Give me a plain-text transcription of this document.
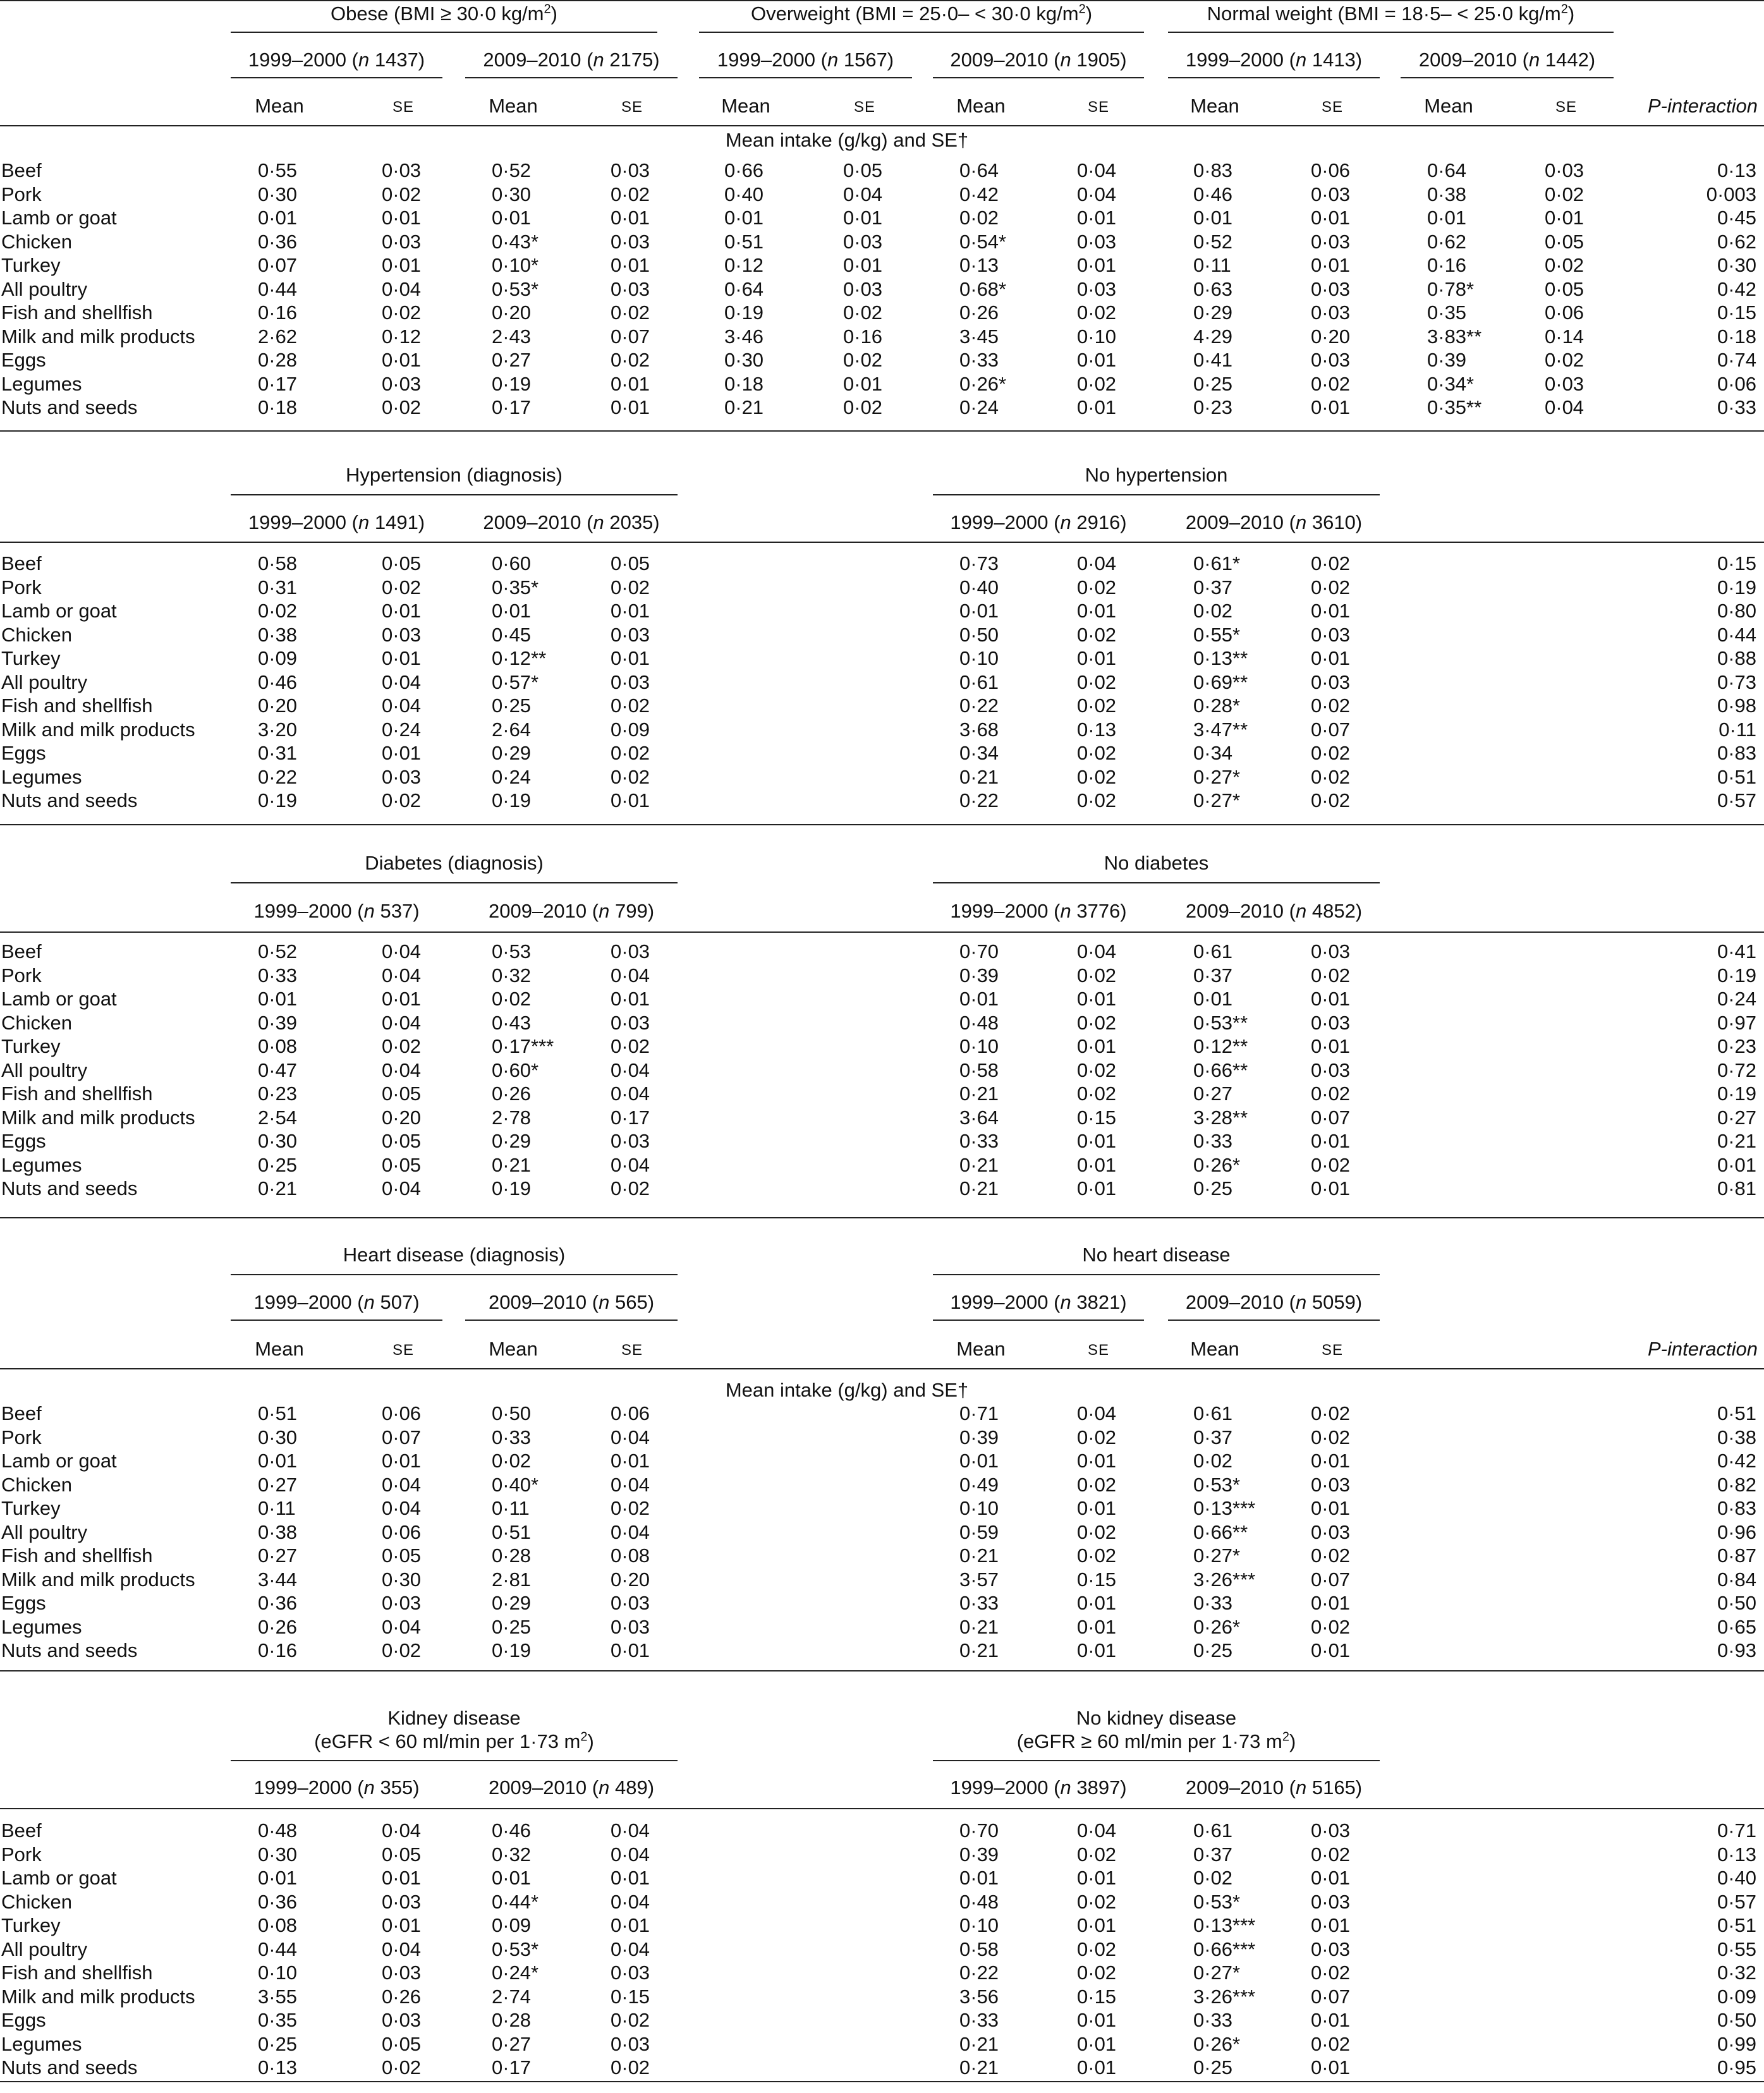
Obese (BMI ≥ 30·0 $kg/m^2$)
1999–2000 (n 1437)	2009–2010 (n 2175)
Overweight (BMI = 25·0– < 30·0 $kg/m^2$)
1999–2000 (n 1567)	2009–2010 (n 1905)
Normal weight (BMI = 18·5– < 25·0 $kg/m^2$)
1999–2000 (n 1413)	2009–2010 (n 1442)
Mean	SE	Mean	SE	Mean	SE	Mean	SE	Mean	SE	Mean	SE	P-interaction
Mean intake (g/kg) and SE†
Beef	0·55	0·03	0·52	0·03	0·66	0·05	0·64	0·04	0·83	0·06	0·64	0·03	0·13
Pork	0·30	0·02	0·30	0·02	0·40	0·04	0·42	0·04	0·46	0·03	0·38	0·02	0·003
Lamb or goat	0·01	0·01	0·01	0·01	0·01	0·01	0·02	0·01	0·01	0·01	0·01	0·01	0·45
Chicken	0·36	0·03	0·43*	0·03	0·51	0·03	0·54*	0·03	0·52	0·03	0·62	0·05	0·62
Turkey	0·07	0·01	0·10*	0·01	0·12	0·01	0·13	0·01	0·11	0·01	0·16	0·02	0·30
All poultry	0·44	0·04	0·53*	0·03	0·64	0·03	0·68*	0·03	0·63	0·03	0·78*	0·05	0·42
Fish and shellfish	0·16	0·02	0·20	0·02	0·19	0·02	0·26	0·02	0·29	0·03	0·35	0·06	0·15
Milk and milk products	2·62	0·12	2·43	0·07	3·46	0·16	3·45	0·10	4·29	0·20	3·83**	0·14	0·18
Eggs	0·28	0·01	0·27	0·02	0·30	0·02	0·33	0·01	0·41	0·03	0·39	0·02	0·74
Legumes	0·17	0·03	0·19	0·01	0·18	0·01	0·26*	0·02	0·25	0·02	0·34*	0·03	0·06
Nuts and seeds	0·18	0·02	0·17	0·01	0·21	0·02	0·24	0·01	0·23	0·01	0·35**	0·04	0·33
Hypertension (diagnosis)
1999–2000 (n 1491)	2009–2010 (n 2035)
No hypertension
1999–2000 (n 2916)	2009–2010 (n 3610)
Beef	0·58	0·05	0·60	0·05	0·73	0·04	0·61*	0·02	0·15
Pork	0·31	0·02	0·35*	0·02	0·40	0·02	0·37	0·02	0·19
Lamb or goat	0·02	0·01	0·01	0·01	0·01	0·01	0·02	0·01	0·80
Chicken	0·38	0·03	0·45	0·03	0·50	0·02	0·55*	0·03	0·44
Turkey	0·09	0·01	0·12**	0·01	0·10	0·01	0·13**	0·01	0·88
All poultry	0·46	0·04	0·57*	0·03	0·61	0·02	0·69**	0·03	0·73
Fish and shellfish	0·20	0·04	0·25	0·02	0·22	0·02	0·28*	0·02	0·98
Milk and milk products	3·20	0·24	2·64	0·09	3·68	0·13	3·47**	0·07	0·11
Eggs	0·31	0·01	0·29	0·02	0·34	0·02	0·34	0·02	0·83
Legumes	0·22	0·03	0·24	0·02	0·21	0·02	0·27*	0·02	0·51
Nuts and seeds	0·19	0·02	0·19	0·01	0·22	0·02	0·27*	0·02	0·57
Diabetes (diagnosis)
1999–2000 (n 537)	2009–2010 (n 799)
No diabetes
1999–2000 (n 3776)	2009–2010 (n 4852)
Beef	0·52	0·04	0·53	0·03	0·70	0·04	0·61	0·03	0·41
Pork	0·33	0·04	0·32	0·04	0·39	0·02	0·37	0·02	0·19
Lamb or goat	0·01	0·01	0·02	0·01	0·01	0·01	0·01	0·01	0·24
Chicken	0·39	0·04	0·43	0·03	0·48	0·02	0·53**	0·03	0·97
Turkey	0·08	0·02	0·17***	0·02	0·10	0·01	0·12**	0·01	0·23
All poultry	0·47	0·04	0·60*	0·04	0·58	0·02	0·66**	0·03	0·72
Fish and shellfish	0·23	0·05	0·26	0·04	0·21	0·02	0·27	0·02	0·19
Milk and milk products	2·54	0·20	2·78	0·17	3·64	0·15	3·28**	0·07	0·27
Eggs	0·30	0·05	0·29	0·03	0·33	0·01	0·33	0·01	0·21
Legumes	0·25	0·05	0·21	0·04	0·21	0·01	0·26*	0·02	0·01
Nuts and seeds	0·21	0·04	0·19	0·02	0·21	0·01	0·25	0·01	0·81
Heart disease (diagnosis)
1999–2000 (n 507)	2009–2010 (n 565)
No heart disease
1999–2000 (n 3821)	2009–2010 (n 5059)
Mean	SE	Mean	SE	Mean	SE	Mean	SE	P-interaction
Mean intake (g/kg) and SE†
Beef	0·51	0·06	0·50	0·06	0·71	0·04	0·61	0·02	0·51
Pork	0·30	0·07	0·33	0·04	0·39	0·02	0·37	0·02	0·38
Lamb or goat	0·01	0·01	0·02	0·01	0·01	0·01	0·02	0·01	0·42
Chicken	0·27	0·04	0·40*	0·04	0·49	0·02	0·53*	0·03	0·82
Turkey	0·11	0·04	0·11	0·02	0·10	0·01	0·13***	0·01	0·83
All poultry	0·38	0·06	0·51	0·04	0·59	0·02	0·66**	0·03	0·96
Fish and shellfish	0·27	0·05	0·28	0·08	0·21	0·02	0·27*	0·02	0·87
Milk and milk products	3·44	0·30	2·81	0·20	3·57	0·15	3·26***	0·07	0·84
Eggs	0·36	0·03	0·29	0·03	0·33	0·01	0·33	0·01	0·50
Legumes	0·26	0·04	0·25	0·03	0·21	0·01	0·26*	0·02	0·65
Nuts and seeds	0·16	0·02	0·19	0·01	0·21	0·01	0·25	0·01	0·93
Kidney disease
(eGFR < 60 ml/min per 1·73 $m^2$)
1999–2000 (n 355)	2009–2010 (n 489)
No kidney disease
(eGFR ≥ 60 ml/min per 1·73 $m^2$)
1999–2000 (n 3897)	2009–2010 (n 5165)
Beef	0·48	0·04	0·46	0·04	0·70	0·04	0·61	0·03	0·71
Pork	0·30	0·05	0·32	0·04	0·39	0·02	0·37	0·02	0·13
Lamb or goat	0·01	0·01	0·01	0·01	0·01	0·01	0·02	0·01	0·40
Chicken	0·36	0·03	0·44*	0·04	0·48	0·02	0·53*	0·03	0·57
Turkey	0·08	0·01	0·09	0·01	0·10	0·01	0·13***	0·01	0·51
All poultry	0·44	0·04	0·53*	0·04	0·58	0·02	0·66***	0·03	0·55
Fish and shellfish	0·10	0·03	0·24*	0·03	0·22	0·02	0·27*	0·02	0·32
Milk and milk products	3·55	0·26	2·74	0·15	3·56	0·15	3·26***	0·07	0·09
Eggs	0·35	0·03	0·28	0·02	0·33	0·01	0·33	0·01	0·50
Legumes	0·25	0·05	0·27	0·03	0·21	0·01	0·26*	0·02	0·99
Nuts and seeds	0·13	0·02	0·17	0·02	0·21	0·01	0·25	0·01	0·95
